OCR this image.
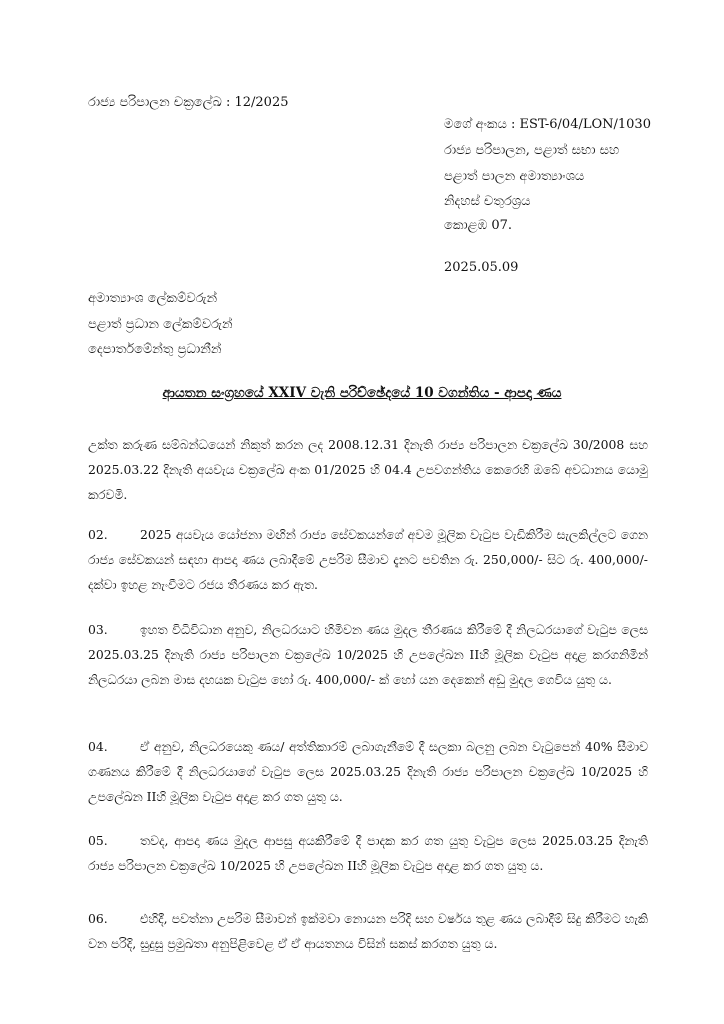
රාජ්‍ය පරිපාලන චක්‍රලේඛ : 12/2025
මගේ අංකය : EST-6/04/LON/1030
රාජ්‍ය පරිපාලන, පළාත් සභා සහ
පළාත් පාලන අමාත්‍යාංශය
නිදහස් චතුරශ්‍රය
කොළඹ 07.
2025.05.09
අමාත්‍යාංශ ලේකම්වරුන්
පළාත් ප්‍රධාන ලේකම්වරුන්
දෙපාර්තමේන්තු ප්‍රධානීන්
ආයතන සංග්‍රහයේ XXIV වැනි පරිච්ඡේදයේ 10 වගන්තිය - ආපදා ණය
උක්ත කරුණ සම්බන්ධයෙන් නිකුත් කරන ලද 2008.12.31 දිනැති රාජ්‍ය පරිපාලන චක්‍රලේඛ 30/2008 සහ 2025.03.22 දිනැති අයවැය චක්‍රලේඛ අංක 01/2025 හි 04.4 උපවගන්තිය කෙරෙහි ඔබේ අවධානය යොමු කරවමි.
02.	2025 අයවැය යෝජනා මඟින් රාජ්‍ය සේවකයන්ගේ අවම මූලික වැටුප වැඩිකිරීම සැලකිල්ලට ගෙන රාජ්‍ය සේවකයන් සඳහා ආපදා ණය ලබාදීමේ උපරිම සීමාව දැනට පවතින රු. 250,000/- සිට රු. 400,000/- දක්වා ඉහළ නැංවීමට රජය තීරණය කර ඇත.
03.	ඉහත විධිවිධාන අනුව, නිලධරයාට හිමිවන ණය මුදල තීරණය කිරීමේ දී නිලධරයාගේ වැටුප ලෙස 2025.03.25 දිනැති රාජ්‍ය පරිපාලන චක්‍රලේඛ 10/2025 හි උපලේඛන IIහි මූලික වැටුප අදාළ කරගනිමින් නිලධරයා ලබන මාස දහයක වැටුප හෝ රු. 400,000/- ක් හෝ යන දෙකෙන් අඩු මුදල ගෙවිය යුතු ය.
04.	ඒ අනුව, නිලධරයෙකු ණය/ අත්තිකාරම් ලබාගැනීමේ දී සලකා බලනු ලබන වැටුපෙන් 40% සීමාව ගණනය කිරීමේ දී නිලධරයාගේ වැටුප ලෙස 2025.03.25 දිනැති රාජ්‍ය පරිපාලන චක්‍රලේඛ 10/2025 හි උපලේඛන IIහි මූලික වැටුප අදාළ කර ගත යුතු ය.
05.	තවද, ආපදා ණය මුදල ආපසු අයකිරීමේ දී පාදක කර ගත යුතු වැටුප ලෙස 2025.03.25 දිනැති රාජ්‍ය පරිපාලන චක්‍රලේඛ 10/2025 හි උපලේඛන IIහි මූලික වැටුප අදාළ කර ගත යුතු ය.
06.	එහිදී, පවත්නා උපරිම සීමාවන් ඉක්මවා නොයන පරිදි සහ වර්ෂය තුළ ණය ලබාදීම් සිදු කිරීමට හැකි වන පරිදි, සුදුසු ප්‍රමුඛතා අනුපිළිවෙළ ඒ ඒ ආයතනය විසින් සකස් කරගත යුතු ය.
